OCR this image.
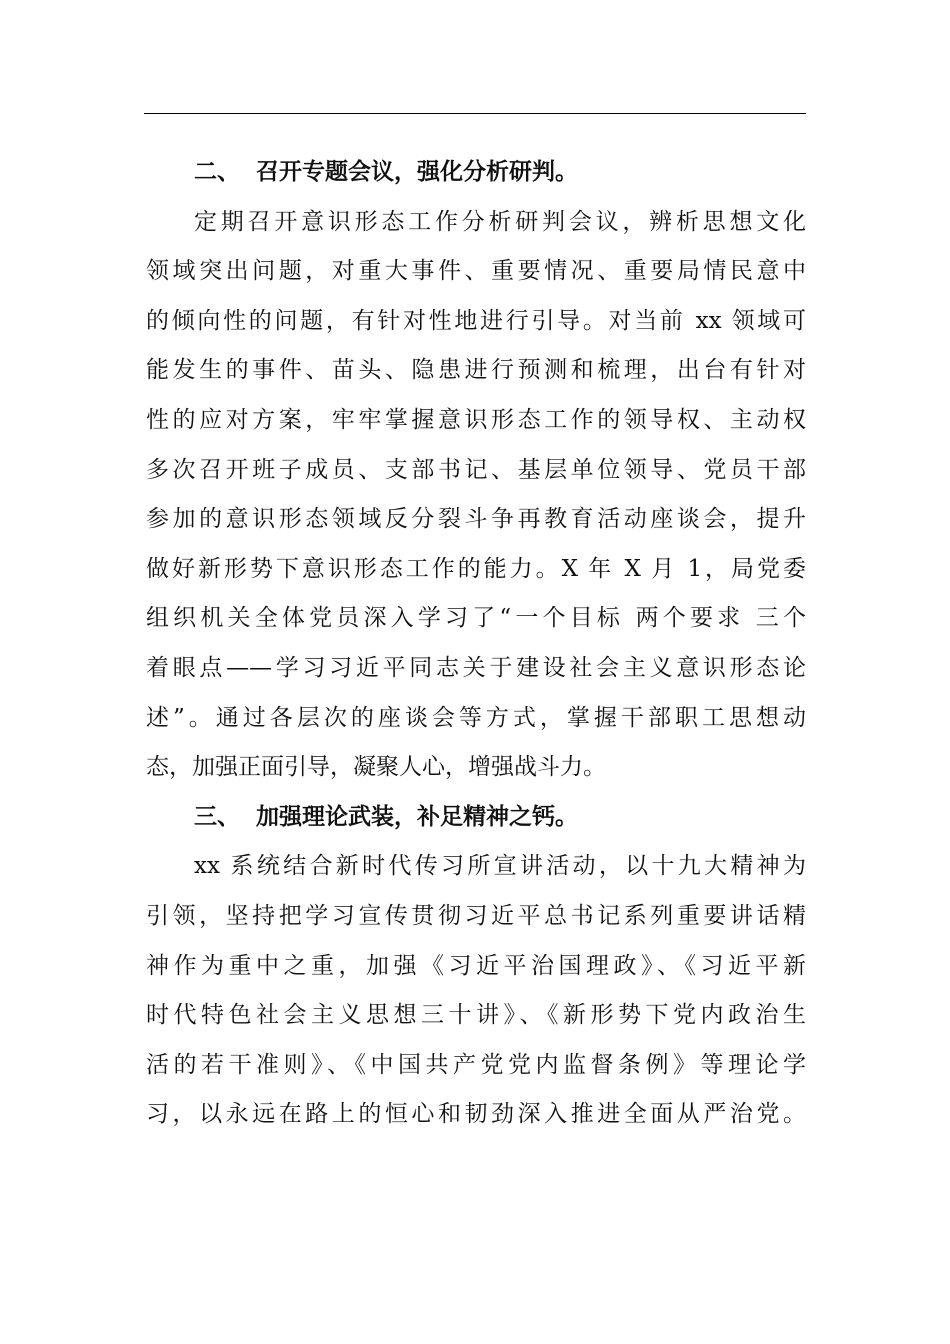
二、  召开专题会议，强化分析研判。

定期召开意识形态工作分析研判会议，辨析思想文化

领域突出问题，对重大事件、重要情况、重要局情民意中

的倾向性的问题，有针对性地进行引导。对当前 xx 领域可

能发生的事件、苗头、隐患进行预测和梳理，出台有针对

性的应对方案，牢牢掌握意识形态工作的领导权、主动权

多次召开班子成员、支部书记、基层单位领导、党员干部

参加的意识形态领域反分裂斗争再教育活动座谈会，提升

做好新形势下意识形态工作的能力。X 年 X 月 1，局党委

组织机关全体党员深入学习了“一个目标 两个要求 三个

着眼点——学习习近平同志关于建设社会主义意识形态论

述”。通过各层次的座谈会等方式，掌握干部职工思想动

态，加强正面引导，凝聚人心，增强战斗力。

三、  加强理论武装，补足精神之钙。

xx 系统结合新时代传习所宣讲活动，以十九大精神为

引领，坚持把学习宣传贯彻习近平总书记系列重要讲话精

神作为重中之重，加强《习近平治国理政》、《习近平新

时代特色社会主义思想三十讲》、《新形势下党内政治生

活的若干准则》、《中国共产党党内监督条例》等理论学

习，以永远在路上的恒心和韧劲深入推进全面从严治党。
